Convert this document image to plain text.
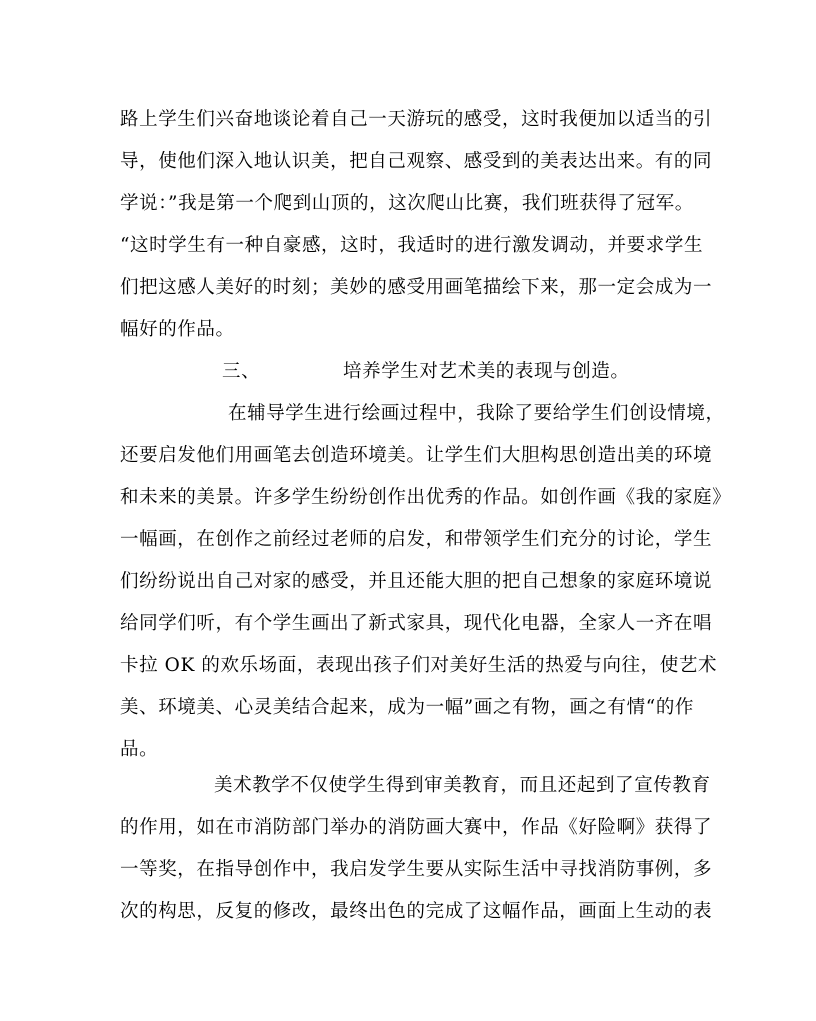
路上学生们兴奋地谈论着自己一天游玩的感受，这时我便加以适当的引
导，使他们深入地认识美，把自己观察、感受到的美表达出来。有的同
学说：”我是第一个爬到山顶的，这次爬山比赛，我们班获得了冠军。
“这时学生有一种自豪感，这时，我适时的进行激发调动，并要求学生
们把这感人美好的时刻；美妙的感受用画笔描绘下来，那一定会成为一
幅好的作品。
三、	培养学生对艺术美的表现与创造。
在辅导学生进行绘画过程中，我除了要给学生们创设情境，
还要启发他们用画笔去创造环境美。让学生们大胆构思创造出美的环境
和未来的美景。许多学生纷纷创作出优秀的作品。如创作画《我的家庭》
一幅画，在创作之前经过老师的启发，和带领学生们充分的讨论，学生
们纷纷说出自己对家的感受，并且还能大胆的把自己想象的家庭环境说
给同学们听，有个学生画出了新式家具，现代化电器，全家人一齐在唱
卡拉 OK 的欢乐场面，表现出孩子们对美好生活的热爱与向往，使艺术
美、环境美、心灵美结合起来，成为一幅”画之有物，画之有情“的作
品。
美术教学不仅使学生得到审美教育，而且还起到了宣传教育
的作用，如在市消防部门举办的消防画大赛中，作品《好险啊》获得了
一等奖，在指导创作中，我启发学生要从实际生活中寻找消防事例，多
次的构思，反复的修改，最终出色的完成了这幅作品，画面上生动的表
